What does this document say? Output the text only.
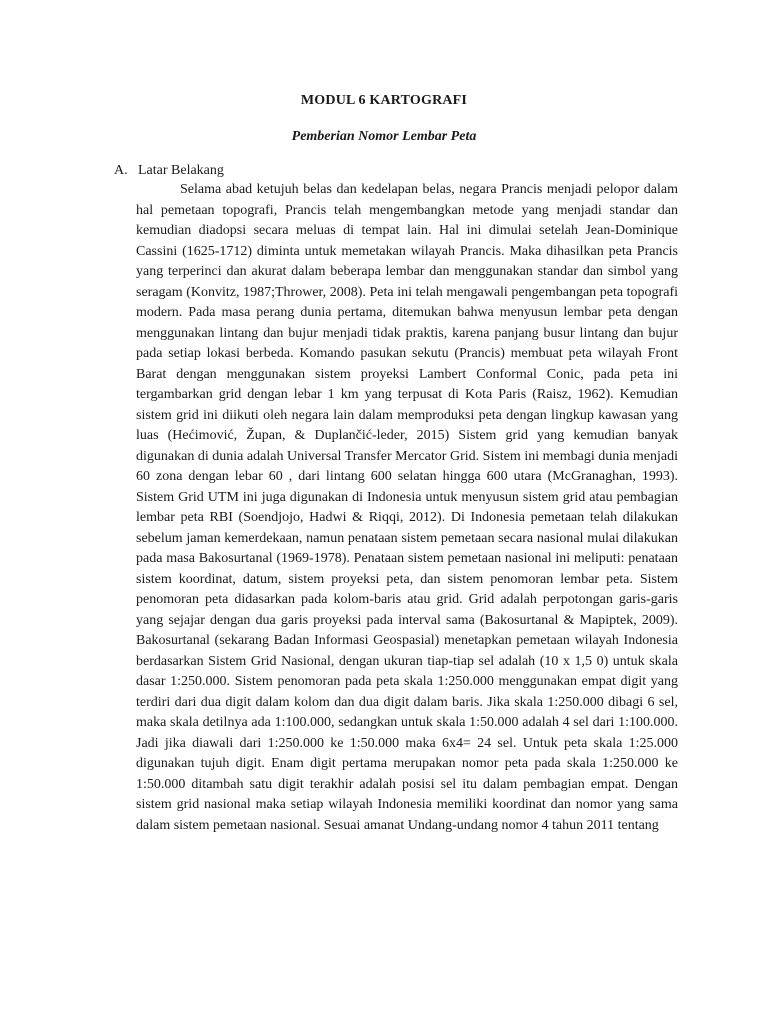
MODUL 6 KARTOGRAFI
Pemberian Nomor Lembar Peta
A. Latar Belakang

Selama abad ketujuh belas dan kedelapan belas, negara Prancis menjadi pelopor dalam hal pemetaan topografi, Prancis telah mengembangkan metode yang menjadi standar dan kemudian diadopsi secara meluas di tempat lain. Hal ini dimulai setelah Jean-Dominique Cassini (1625-1712) diminta untuk memetakan wilayah Prancis. Maka dihasilkan peta Prancis yang terperinci dan akurat dalam beberapa lembar dan menggunakan standar dan simbol yang seragam (Konvitz, 1987;Thrower, 2008). Peta ini telah mengawali pengembangan peta topografi modern. Pada masa perang dunia pertama, ditemukan bahwa menyusun lembar peta dengan menggunakan lintang dan bujur menjadi tidak praktis, karena panjang busur lintang dan bujur pada setiap lokasi berbeda. Komando pasukan sekutu (Prancis) membuat peta wilayah Front Barat dengan menggunakan sistem proyeksi Lambert Conformal Conic, pada peta ini tergambarkan grid dengan lebar 1 km yang terpusat di Kota Paris (Raisz, 1962). Kemudian sistem grid ini diikuti oleh negara lain dalam memproduksi peta dengan lingkup kawasan yang luas (Hećimović, Župan, & Duplančić-leder, 2015) Sistem grid yang kemudian banyak digunakan di dunia adalah Universal Transfer Mercator Grid. Sistem ini membagi dunia menjadi 60 zona dengan lebar 60 , dari lintang 600 selatan hingga 600 utara (McGranaghan, 1993). Sistem Grid UTM ini juga digunakan di Indonesia untuk menyusun sistem grid atau pembagian lembar peta RBI (Soendjojo, Hadwi & Riqqi, 2012). Di Indonesia pemetaan telah dilakukan sebelum jaman kemerdekaan, namun penataan sistem pemetaan secara nasional mulai dilakukan pada masa Bakosurtanal (1969-1978). Penataan sistem pemetaan nasional ini meliputi: penataan sistem koordinat, datum, sistem proyeksi peta, dan sistem penomoran lembar peta. Sistem penomoran peta didasarkan pada kolom-baris atau grid. Grid adalah perpotongan garis-garis yang sejajar dengan dua garis proyeksi pada interval sama (Bakosurtanal & Mapiptek, 2009). Bakosurtanal (sekarang Badan Informasi Geospasial) menetapkan pemetaan wilayah Indonesia berdasarkan Sistem Grid Nasional, dengan ukuran tiap-tiap sel adalah (10 x 1,5 0) untuk skala dasar 1:250.000. Sistem penomoran pada peta skala 1:250.000 menggunakan empat digit yang terdiri dari dua digit dalam kolom dan dua digit dalam baris. Jika skala 1:250.000 dibagi 6 sel, maka skala detilnya ada 1:100.000, sedangkan untuk skala 1:50.000 adalah 4 sel dari 1:100.000. Jadi jika diawali dari 1:250.000 ke 1:50.000 maka 6x4= 24 sel. Untuk peta skala 1:25.000 digunakan tujuh digit. Enam digit pertama merupakan nomor peta pada skala 1:250.000 ke 1:50.000 ditambah satu digit terakhir adalah posisi sel itu dalam pembagian empat. Dengan sistem grid nasional maka setiap wilayah Indonesia memiliki koordinat dan nomor yang sama dalam sistem pemetaan nasional. Sesuai amanat Undang-undang nomor 4 tahun 2011 tentang
